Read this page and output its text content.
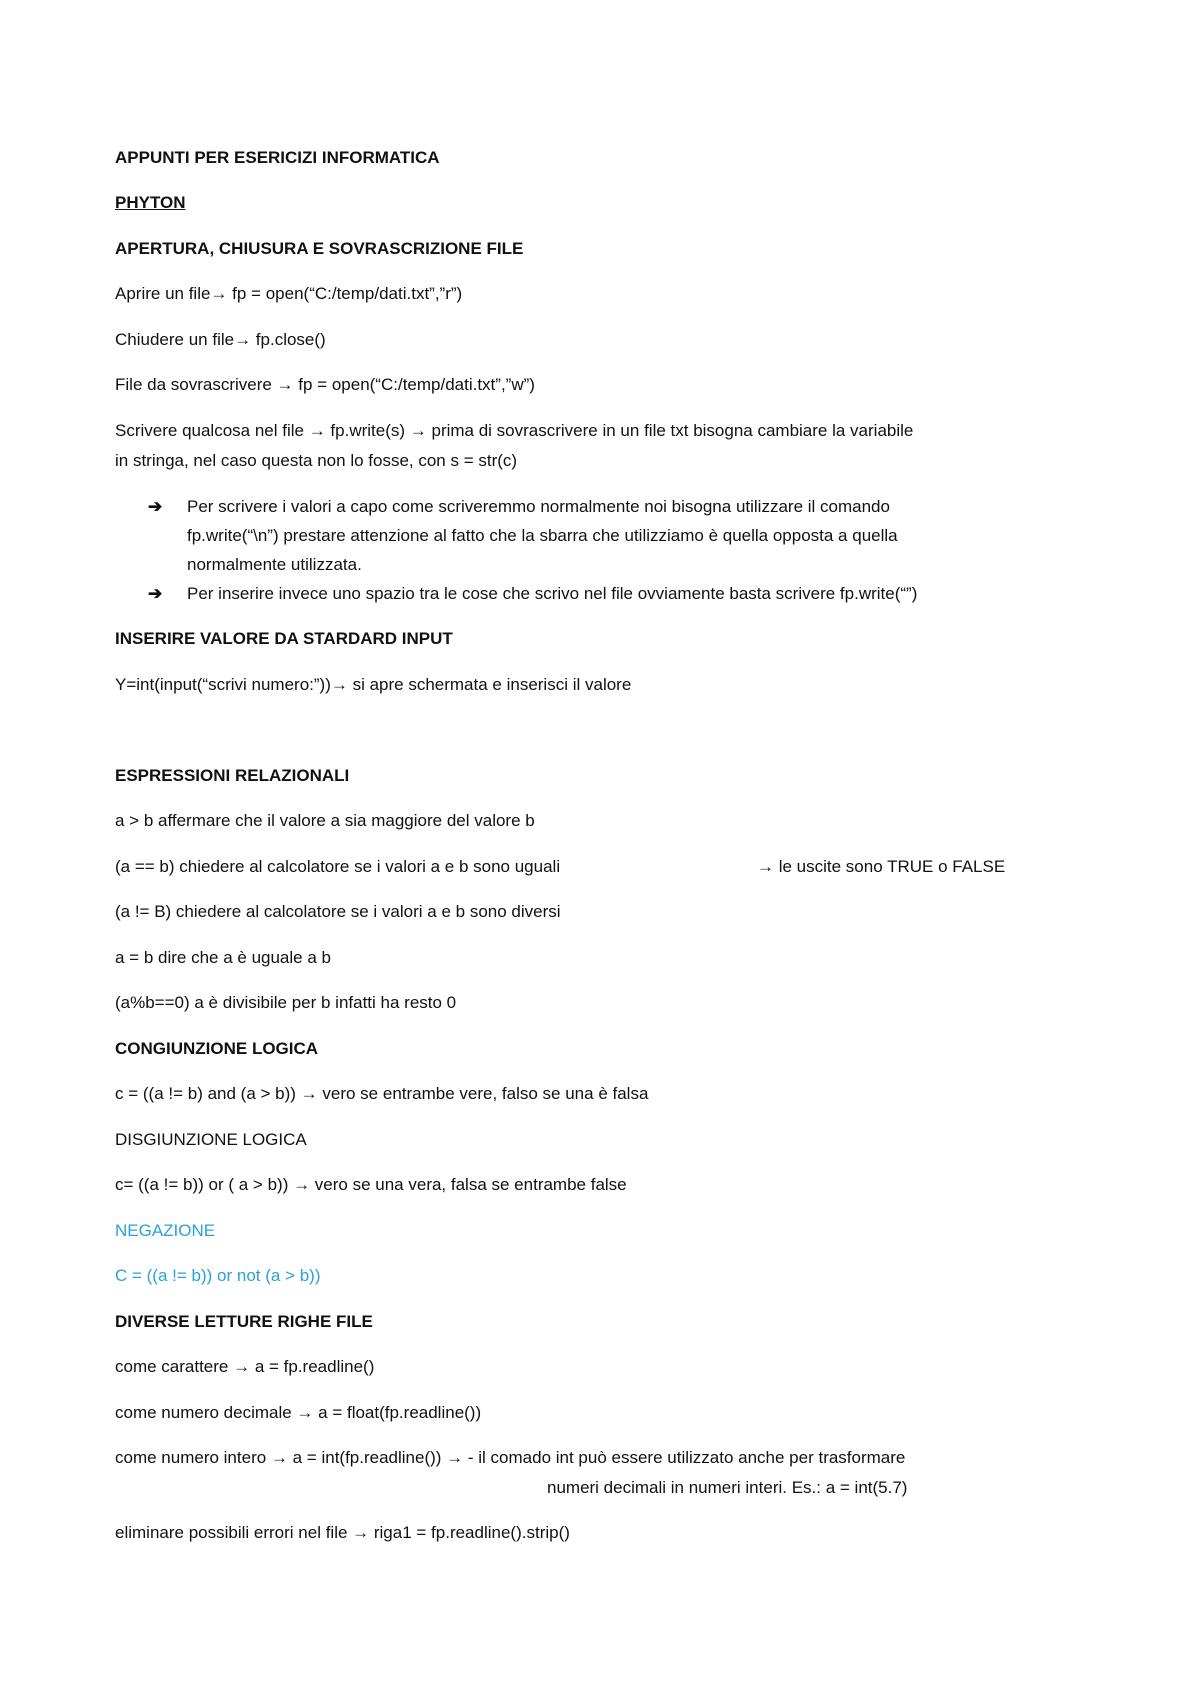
APPUNTI PER ESERICIZI INFORMATICA

PHYTON

APERTURA, CHIUSURA E SOVRASCRIZIONE FILE

Aprire un file→ fp = open(“C:/temp/dati.txt”,”r”)

Chiudere un file→ fp.close()

File da sovrascrivere → fp = open(“C:/temp/dati.txt”,”w”)

Scrivere qualcosa nel file → fp.write(s) → prima di sovrascrivere in un file txt bisogna cambiare la variabile

in stringa, nel caso questa non lo fosse, con s = str(c)

➔	Per scrivere i valori a capo come scriveremmo normalmente noi bisogna utilizzare il comando

fp.write(“\n”) prestare attenzione al fatto che la sbarra che utilizziamo è quella opposta a quella

normalmente utilizzata.

➔	Per inserire invece uno spazio tra le cose che scrivo nel file ovviamente basta scrivere fp.write(“”)

INSERIRE VALORE DA STARDARD INPUT

Y=int(input(“scrivi numero:”))→ si apre schermata e inserisci il valore

ESPRESSIONI RELAZIONALI

a > b affermare che il valore a sia maggiore del valore b

(a == b) chiedere al calcolatore se i valori a e b sono uguali	→ le uscite sono TRUE o FALSE

(a != B) chiedere al calcolatore se i valori a e b sono diversi

a = b dire che a è uguale a b

(a%b==0) a è divisibile per b infatti ha resto 0

CONGIUNZIONE LOGICA

c = ((a != b) and (a > b)) → vero se entrambe vere, falso se una è falsa

DISGIUNZIONE LOGICA

c= ((a != b)) or ( a > b)) → vero se una vera, falsa se entrambe false

NEGAZIONE

C = ((a != b)) or not (a > b))

DIVERSE LETTURE RIGHE FILE

come carattere → a = fp.readline()

come numero decimale → a = float(fp.readline())

come numero intero → a = int(fp.readline()) → - il comado int può essere utilizzato anche per trasformare

numeri decimali in numeri interi. Es.: a = int(5.7)

eliminare possibili errori nel file → riga1 = fp.readline().strip()
